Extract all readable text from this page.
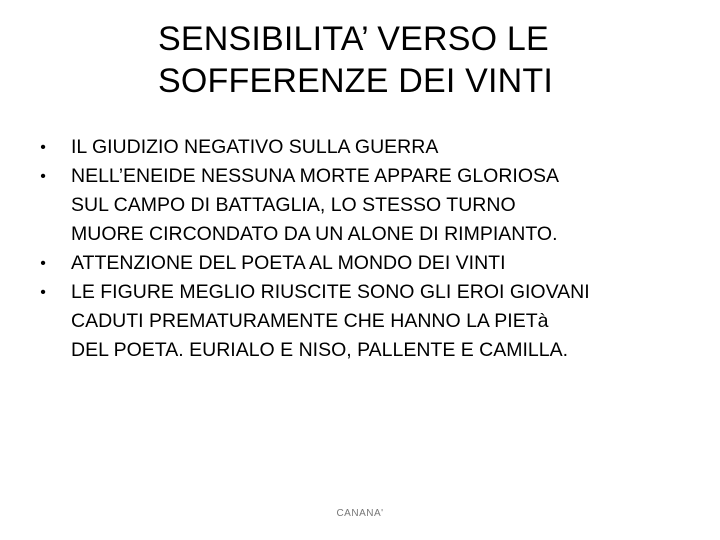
SENSIBILITA’ VERSO LE
SOFFERENZE DEI VINTI
• IL GIUDIZIO NEGATIVO SULLA GUERRA
• NELL’ENEIDE NESSUNA MORTE APPARE GLORIOSA
SUL CAMPO DI BATTAGLIA, LO STESSO TURNO
MUORE CIRCONDATO DA UN ALONE DI RIMPIANTO.
• ATTENZIONE DEL POETA AL MONDO DEI VINTI
• LE FIGURE MEGLIO RIUSCITE SONO GLI EROI GIOVANI
CADUTI PREMATURAMENTE CHE HANNO LA PIETà
DEL POETA. EURIALO E NISO, PALLENTE E CAMILLA.
CANANA'
